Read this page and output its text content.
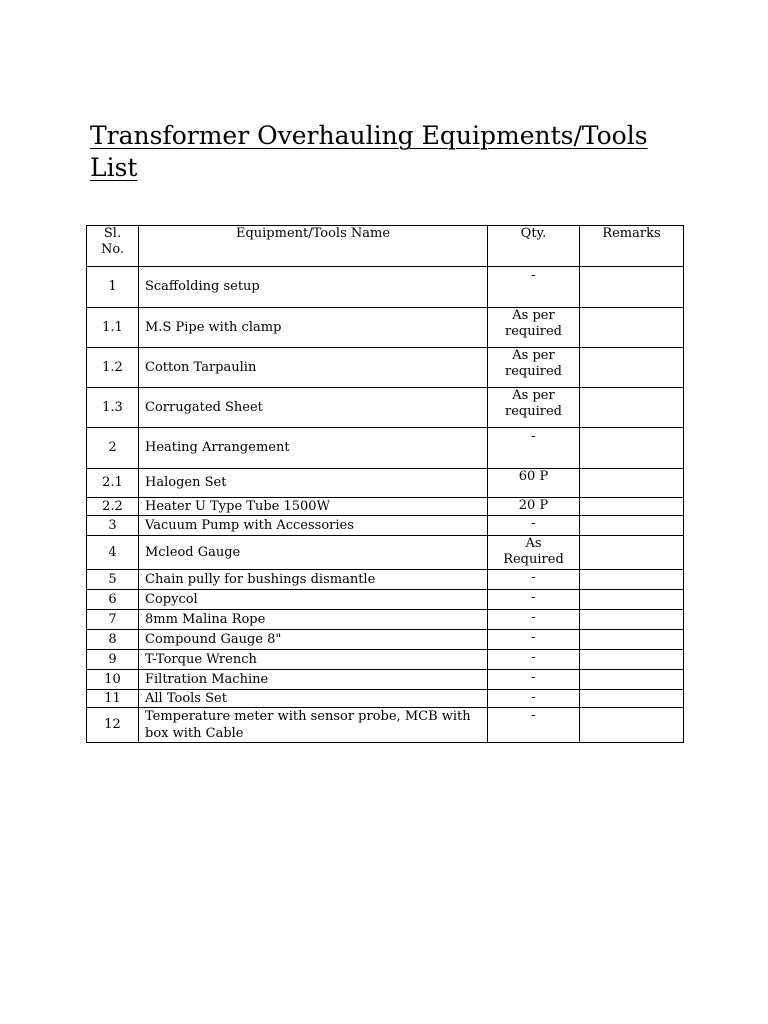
Transformer Overhauling Equipments/Tools List
Sl. No.	Equipment/Tools Name	Qty.	Remarks
1	Scaffolding setup	-	
1.1	M.S Pipe with clamp	As per required	
1.2	Cotton Tarpaulin	As per required	
1.3	Corrugated Sheet	As per required	
2	Heating Arrangement	-	
2.1	Halogen Set	60 P	
2.2	Heater U Type Tube 1500W	20 P	
3	Vacuum Pump with Accessories	-	
4	Mcleod Gauge	As Required	
5	Chain pully for bushings dismantle	-	
6	Copycol	-	
7	8mm Malina Rope	-	
8	Compound Gauge 8"	-	
9	T-Torque Wrench	-	
10	Filtration Machine	-	
11	All Tools Set	-	
12	Temperature meter with sensor probe, MCB with box with Cable	-	
